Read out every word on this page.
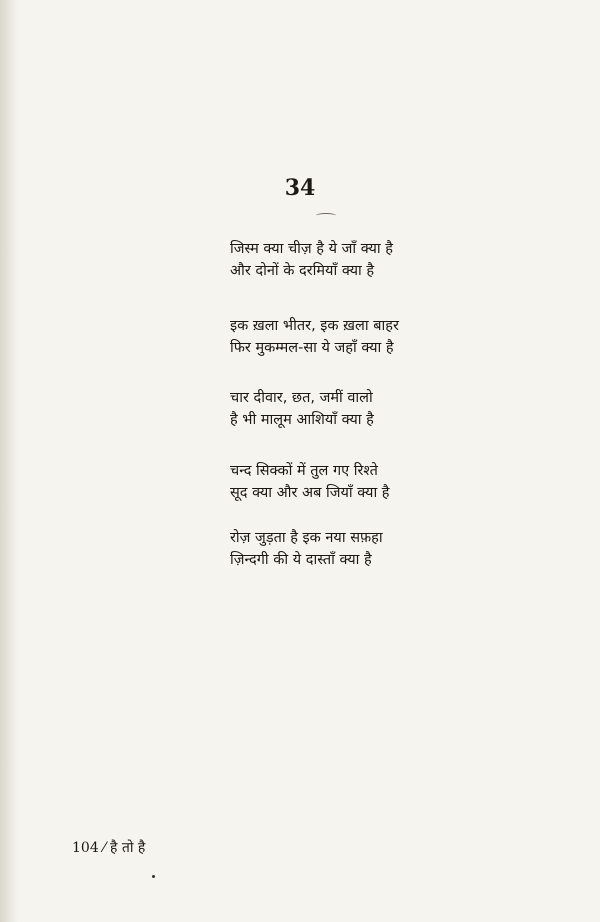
34
जिस्म क्या चीज़ है ये जाँ क्या है
और दोनों के दरमियाँ क्या है
इक ख़ला भीतर, इक ख़ला बाहर
फिर मुकम्मल-सा ये जहाँ क्या है
चार दीवार, छत, जमीं वालो
है भी मालूम आशियाँ क्या है
चन्द सिक्कों में तुल गए रिश्ते
सूद क्या और अब जियाँ क्या है
रोज़ जुड़ता है इक नया सफ़हा
ज़िन्दगी की ये दास्ताँ क्या है
104 ⁄ है तो है
